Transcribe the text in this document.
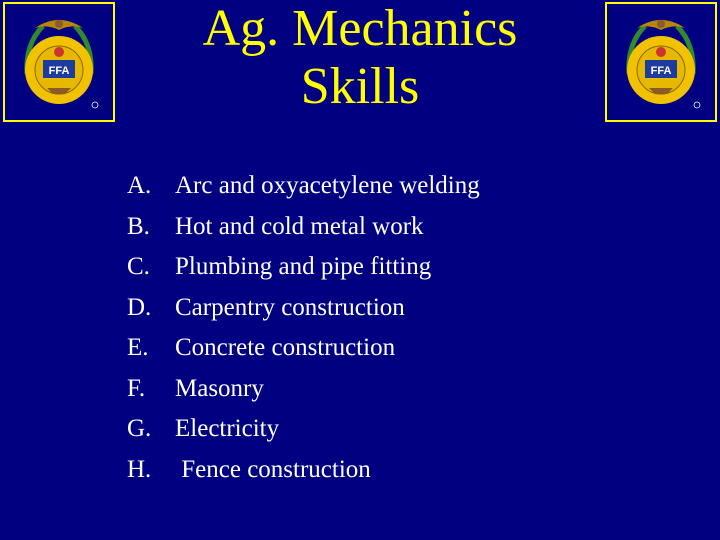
FFA
Ag. Mechanics
Skills	FFA
A. Arc and oxyacetylene welding
B.	Hot and cold metal work
C.	Plumbing and pipe fitting
D. Carpentry construction
E.	Concrete construction
F.	Masonry
G. Electricity
H. Fence construction
